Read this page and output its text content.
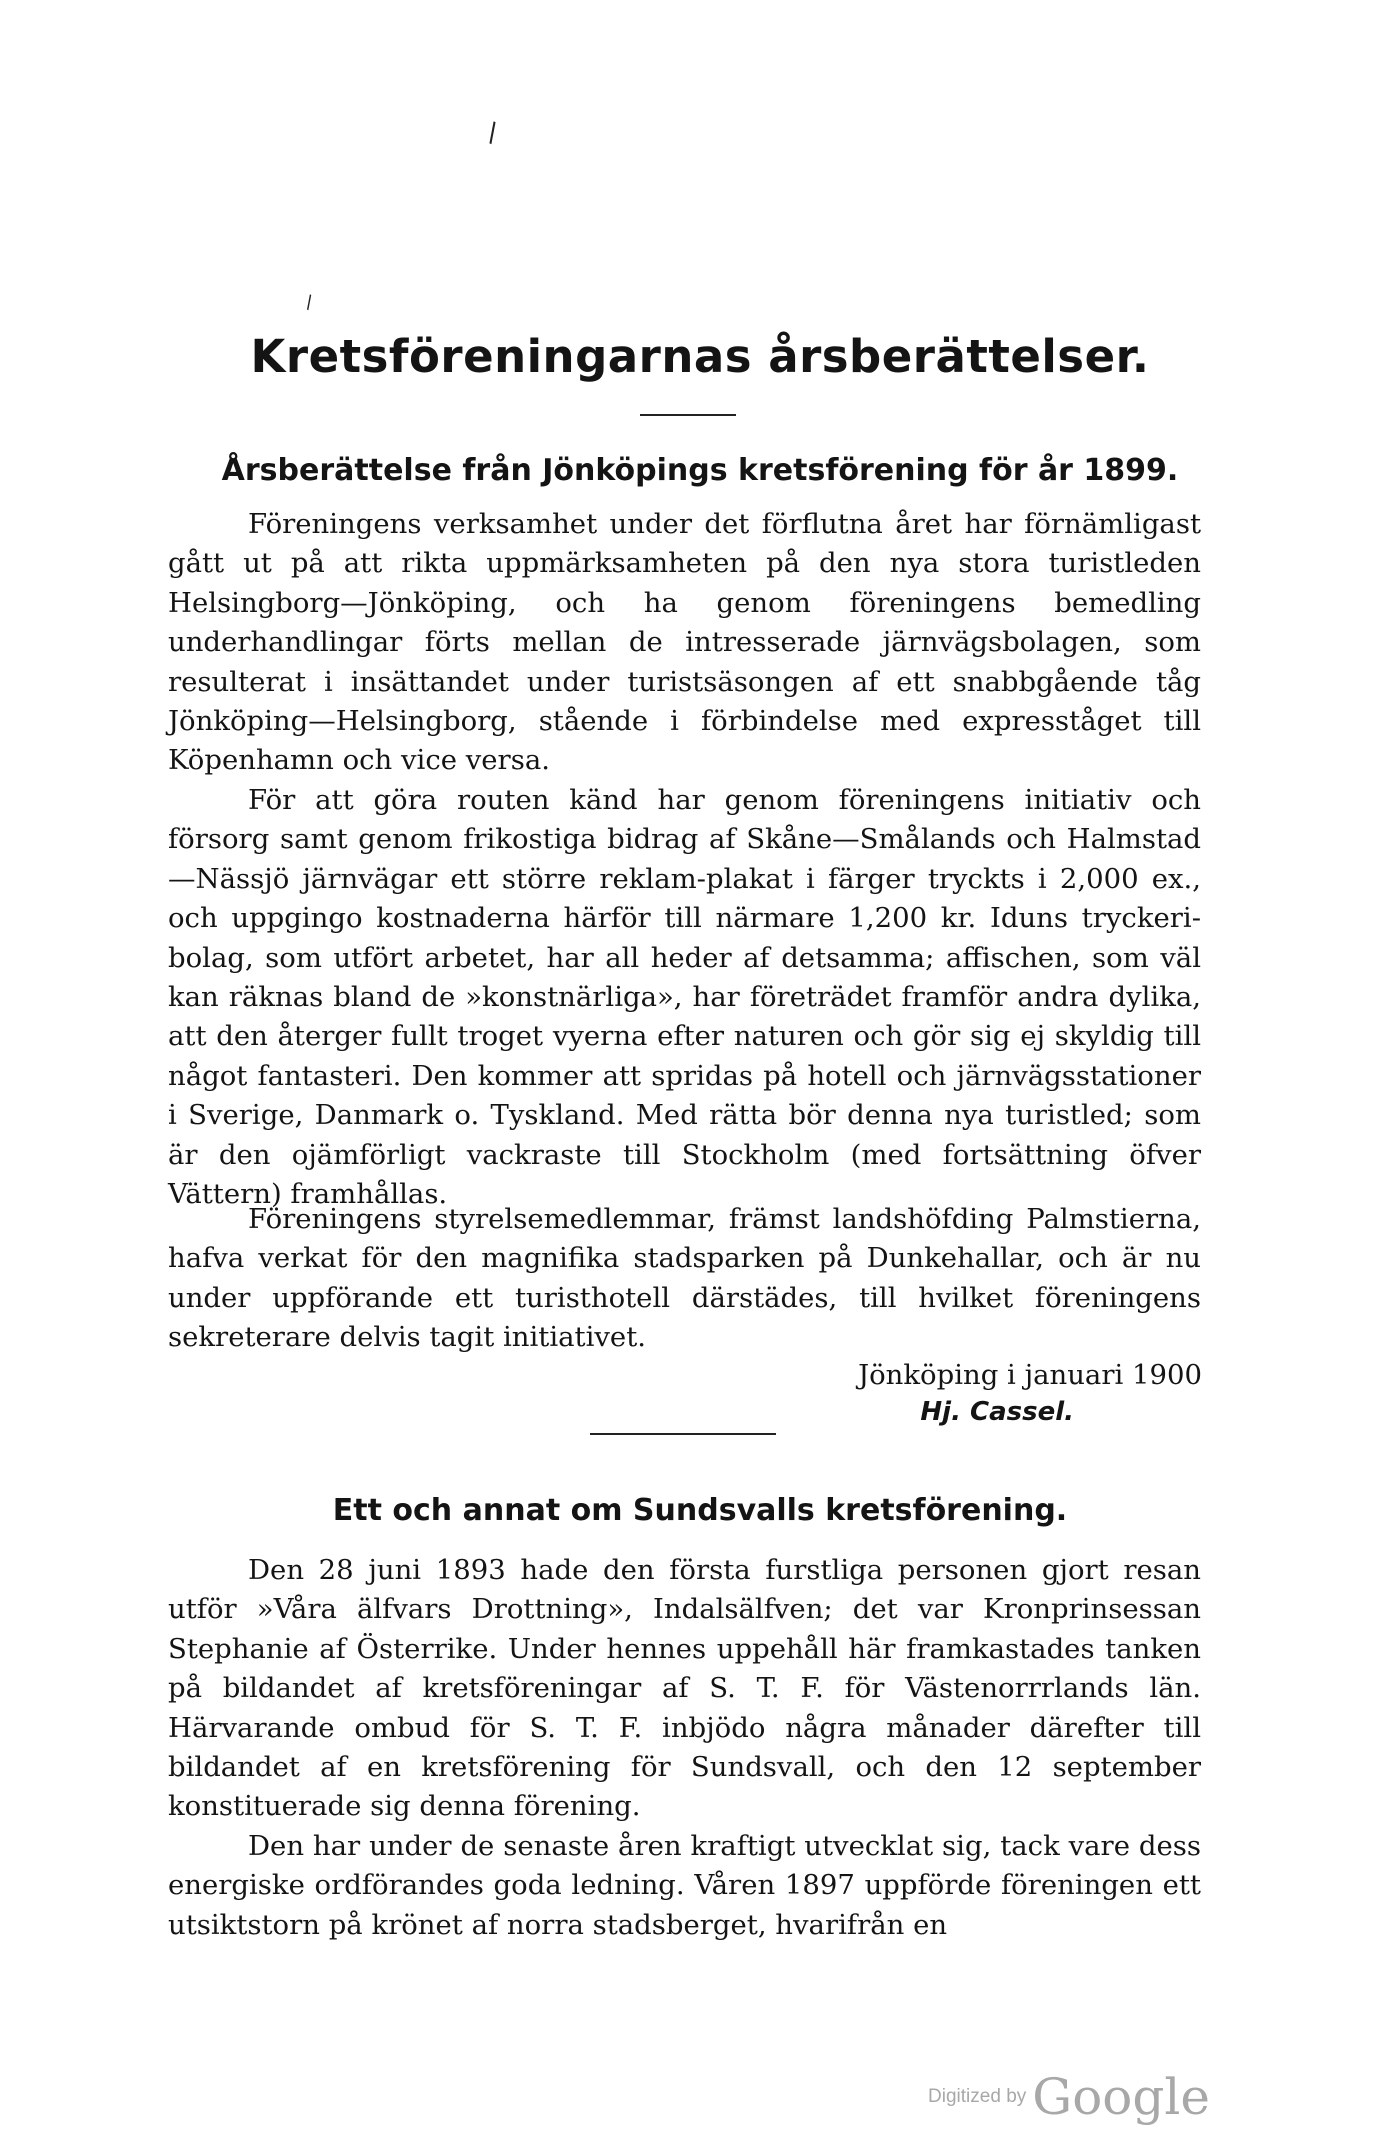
\
\
Kretsföreningarnas årsberättelser.
Årsberättelse från Jönköpings kretsförening för år 1899.

Föreningens verksamhet under det förflutna året har förnämligast gått ut på att rikta uppmärksamheten på den nya stora turistleden Helsingborg—Jönköping, och ha genom föreningens bemedling underhandlingar förts mellan de intresserade järnvägsbolagen, som resulterat i insättandet under turistsäsongen af ett snabbgående tåg Jönköping—Helsingborg, stående i förbindelse med expresståget till Köpenhamn och vice versa.

För att göra routen känd har genom föreningens initiativ och försorg samt genom frikostiga bidrag af Skåne—Smålands och Halmstad—Nässjö järnvägar ett större reklam-plakat i färger tryckts i 2,000 ex., och uppgingo kostnaderna härför till närmare 1,200 kr. Iduns tryckeri-bolag, som utfört arbetet, har all heder af detsamma; affischen, som väl kan räknas bland de »konstnärliga», har företrädet framför andra dylika, att den återger fullt troget vyerna efter naturen och gör sig ej skyldig till något fantasteri. Den kommer att spridas på hotell och järnvägsstationer i Sverige, Danmark o. Tyskland. Med rätta bör denna nya turistled; som är den ojämförligt vackraste till Stockholm (med fortsättning öfver Vättern) framhållas.

Föreningens styrelsemedlemmar, främst landshöfding Palmstierna, hafva verkat för den magnifika stadsparken på Dunkehallar, och är nu under uppförande ett turisthotell därstädes, till hvilket föreningens sekreterare delvis tagit initiativet.

Jönköping i januari 1900
Hj. Cassel.
Ett och annat om Sundsvalls kretsförening.

Den 28 juni 1893 hade den första furstliga personen gjort resan utför »Våra älfvars Drottning», Indalsälfven; det var Kronprinsessan Stephanie af Österrike. Under hennes uppehåll här framkastades tanken på bildandet af kretsföreningar af S. T. F. för Västenorrrlands län. Härvarande ombud för S. T. F. inbjödo några månader därefter till bildandet af en kretsförening för Sundsvall, och den 12 september konstituerade sig denna förening.

Den har under de senaste åren kraftigt utvecklat sig, tack vare dess energiske ordförandes goda ledning. Våren 1897 uppförde föreningen ett utsiktstorn på krönet af norra stadsberget, hvarifrån en

Digitized by Google
